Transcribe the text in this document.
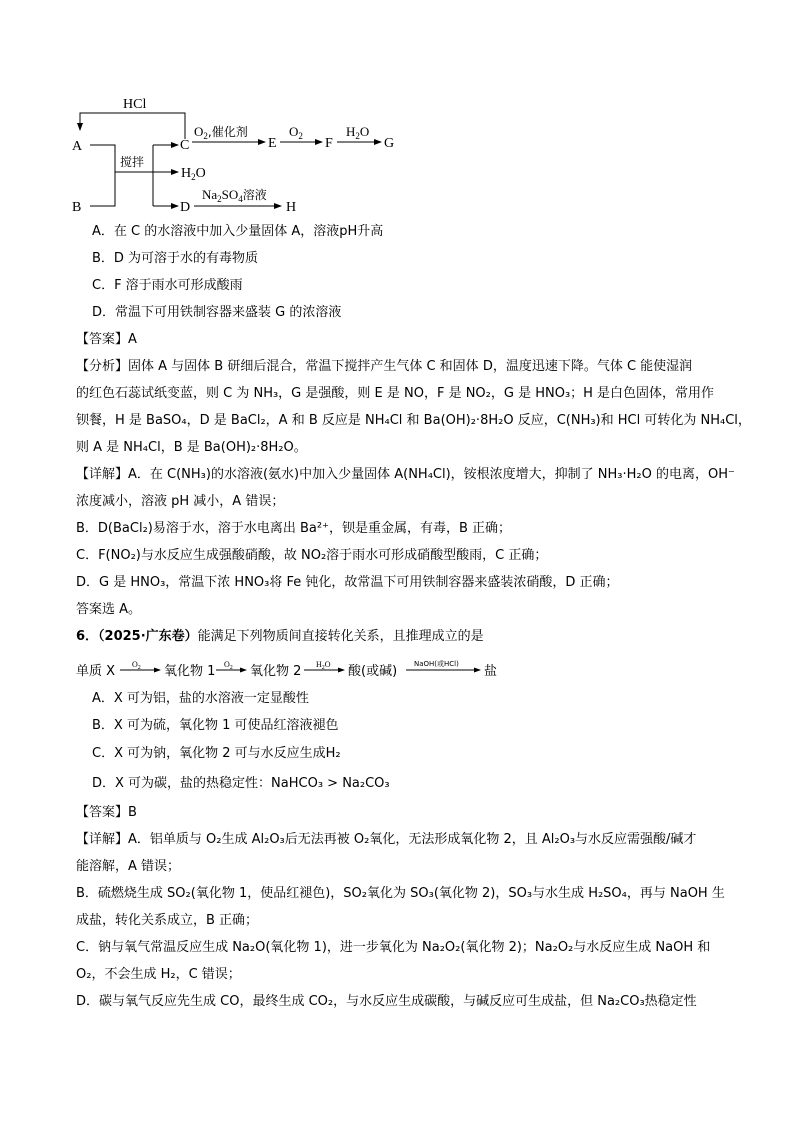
A
B
C	E	F	G
D	H
HCl
搅拌
$O_2$,催化剂	$O_2$	$H_2O$
$H_2O$
$Na_2SO_4$溶液
A．在 C 的水溶液中加入少量固体 A，溶液pH升高
B．D 为可溶于水的有毒物质
C．F 溶于雨水可形成酸雨
D．常温下可用铁制容器来盛装 G 的浓溶液
【答案】A
【分析】固体 A 与固体 B 研细后混合，常温下搅拌产生气体 C 和固体 D，温度迅速下降。气体 C 能使湿润
的红色石蕊试纸变蓝，则 C 为 NH₃，G 是强酸，则 E 是 NO，F 是 NO₂，G 是 HNO₃；H 是白色固体，常用作
钡餐，H 是 BaSO₄，D 是 BaCl₂，A 和 B 反应是 NH₄Cl 和 Ba(OH)₂·8H₂O 反应，C(NH₃)和 HCl 可转化为 NH₄Cl，
则 A 是 NH₄Cl，B 是 Ba(OH)₂·8H₂O。
【详解】A．在 C(NH₃)的水溶液(氨水)中加入少量固体 A(NH₄Cl)，铵根浓度增大，抑制了 NH₃·H₂O 的电离，OH⁻
浓度减小，溶液 pH 减小，A 错误；
B．D(BaCl₂)易溶于水，溶于水电离出 Ba²⁺，钡是重金属，有毒，B 正确；
C．F(NO₂)与水反应生成强酸硝酸，故 NO₂溶于雨水可形成硝酸型酸雨，C 正确；
D．G 是 HNO₃，常温下浓 HNO₃将 Fe 钝化，故常温下可用铁制容器来盛装浓硝酸，D 正确；
答案选 A。
6．（2025·广东卷）能满足下列物质间直接转化关系，且推理成立的是
单质 X $O_2$ 氧化物 1 $O_2$ 氧化物 2 $H_2O$ 酸(或碱) NaOH(或HCl) 盐
A．X 可为铝，盐的水溶液一定显酸性
B．X 可为硫，氧化物 1 可使品红溶液褪色
C．X 可为钠，氧化物 2 可与水反应生成H₂
D．X 可为碳，盐的热稳定性：NaHCO₃ > Na₂CO₃
【答案】B
【详解】A．铝单质与 O₂生成 Al₂O₃后无法再被 O₂氧化，无法形成氧化物 2，且 Al₂O₃与水反应需强酸/碱才
能溶解，A 错误；
B．硫燃烧生成 SO₂(氧化物 1，使品红褪色)，SO₂氧化为 SO₃(氧化物 2)，SO₃与水生成 H₂SO₄，再与 NaOH 生
成盐，转化关系成立，B 正确；
C．钠与氧气常温反应生成 Na₂O(氧化物 1)，进一步氧化为 Na₂O₂(氧化物 2)；Na₂O₂与水反应生成 NaOH 和
O₂，不会生成 H₂，C 错误；
D．碳与氧气反应先生成 CO，最终生成 CO₂，与水反应生成碳酸，与碱反应可生成盐，但 Na₂CO₃热稳定性
